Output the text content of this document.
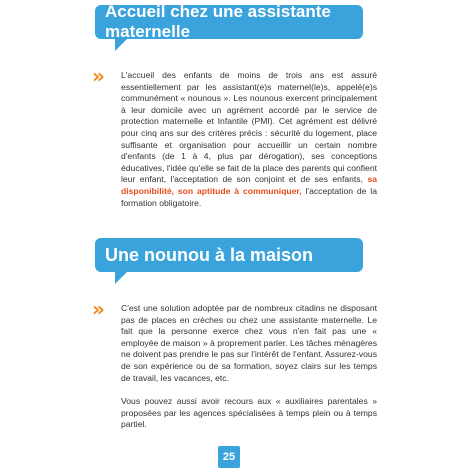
Accueil chez une assistante maternelle
» L'accueil des enfants de moins de trois ans est assuré essentiellement par les assistant(e)s maternel(le)s, appelé(e)s communément « nounous ». Les nounous exercent principalement à leur domicile avec un agrément accordé par le service de protection maternelle et Infantile (PMI). Cet agrément est délivré pour cinq ans sur des critères précis : sécurité du logement, place suffisante et organisation pour accueillir un certain nombre d'enfants (de 1 à 4, plus par dérogation), ses conceptions éducatives, l'idée qu'elle se fait de la place des parents qui confient leur enfant, l'acceptation de son conjoint et de ses enfants, sa disponibilité, son aptitude à communiquer, l'acceptation de la formation obligatoire.
Une nounou à la maison
» C'est une solution adoptée par de nombreux citadins ne disposant pas de places en crèches ou chez une assistante maternelle. Le fait que la personne exerce chez vous n'en fait pas une « employée de maison » à proprement parler. Les tâches ménagères ne doivent pas prendre le pas sur l'intérêt de l'enfant. Assurez-vous de son expérience ou de sa formation, soyez clairs sur les temps de travail, les vacances, etc.
Vous pouvez aussi avoir recours aux « auxiliaires parentales » proposées par les agences spécialisées à temps plein ou à temps partiel.
25
